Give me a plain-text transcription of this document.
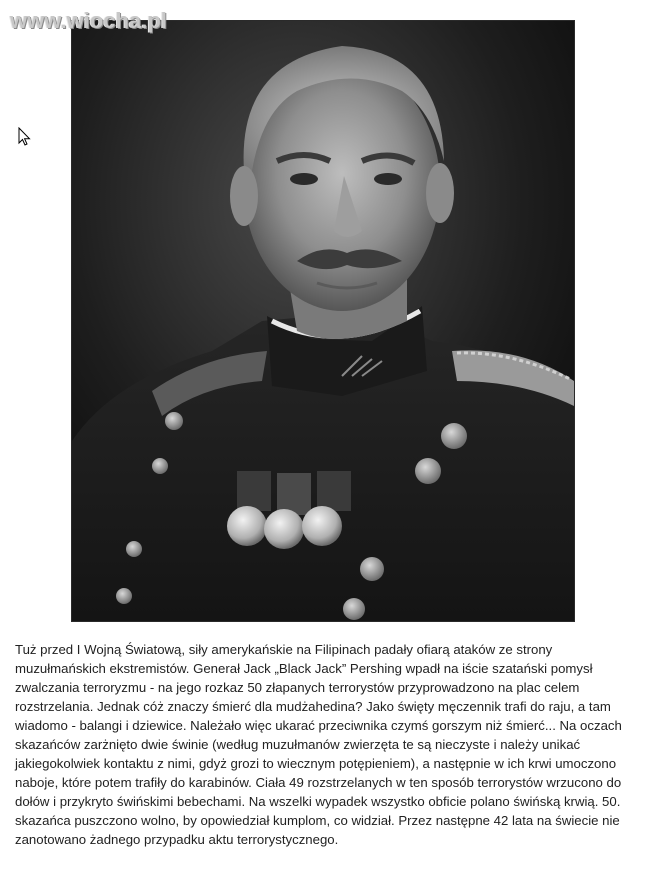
www.wiocha.pl

Tuż przed I Wojną Światową, siły amerykańskie na Filipinach padały ofiarą ataków ze strony muzułmańskich ekstremistów. Generał Jack „Black Jack” Pershing wpadł na iście szatański pomysł zwalczania terroryzmu - na jego rozkaz 50 złapanych terrorystów przyprowadzono na plac celem rozstrzelania. Jednak cóż znaczy śmierć dla mudżahedina? Jako święty męczennik trafi do raju, a tam wiadomo - balangi i dziewice. Należało więc ukarać przeciwnika czymś gorszym niż śmierć... Na oczach skazańców zarżnięto dwie świnie (według muzułmanów zwierzęta te są nieczyste i należy unikać jakiegokolwiek kontaktu z nimi, gdyż grozi to wiecznym potępieniem), a następnie w ich krwi umoczono naboje, które potem trafiły do karabinów. Ciała 49 rozstrzelanych w ten sposób terrorystów wrzucono do dołów i przykryto świńskimi bebechami. Na wszelki wypadek wszystko obficie polano świńską krwią. 50. skazańca puszczono wolno, by opowiedział kumplom, co widział. Przez następne 42 lata na świecie nie zanotowano żadnego przypadku aktu terrorystycznego.
